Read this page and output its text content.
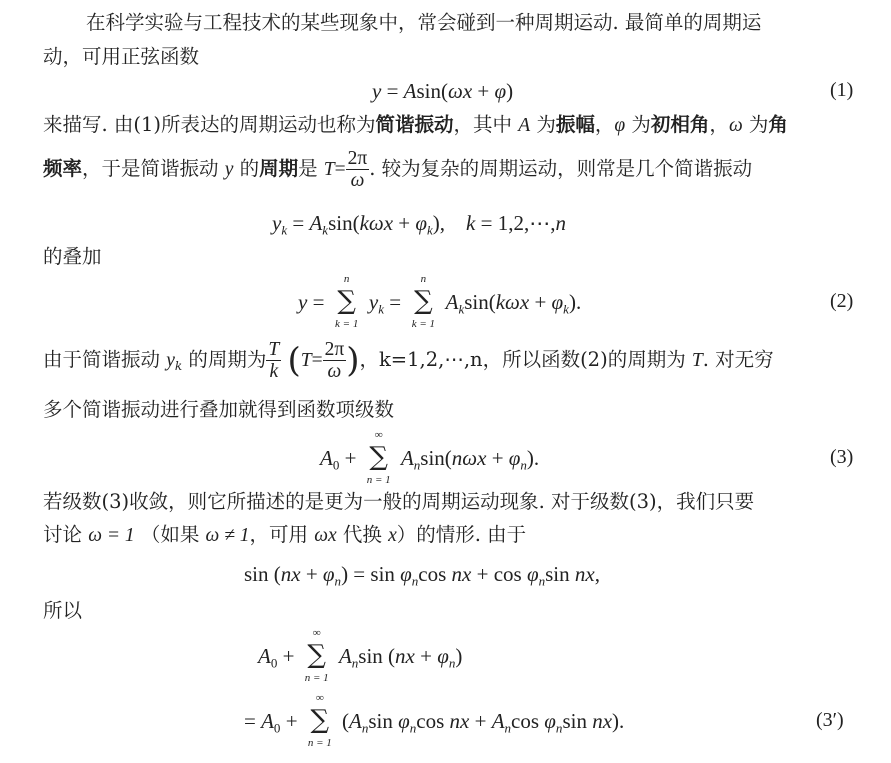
在科学实验与工程技术的某些现象中，常会碰到一种周期运动. 最简单的周期运
动，可用正弦函数
y = Asin(ωx + φ)	(1)
来描写. 由(1)所表达的周期运动也称为简谐振动，其中 A 为振幅，φ 为初相角，ω 为角
频率，于是简谐振动 y 的周期是 $T= \frac{2\pi}{\omega}$ . 较为复杂的周期运动，则常是几个简谐振动
$y_k = A_k\sin(k\omega x + \varphi_k)$,    k = 1,2,⋯,n
的叠加
y =
n
∑
k = 1
$y_k$ =
n
∑
k = 1
$A_k\sin(k\omega x + \varphi_k)$.	(2)
由于简谐振动 $y_k$ 的周期为 $\frac{T}{k} (T= \frac{2\pi}{\omega}$ )，k=1,2,⋯,n，所以函数(2)的周期为 T. 对无穷
多个简谐振动进行叠加就得到函数项级数
$A_0$ +
∞
∑
n = 1
$A_n\sin(n\omega x + \varphi_n)$.	(3)
若级数(3)收敛，则它所描述的是更为一般的周期运动现象. 对于级数(3)，我们只要
讨论 ω = 1 （如果 ω ≠ 1，可用 ωx 代换 x）的情形. 由于
$\sin (nx + \varphi_n) = \sin \varphi_n\cos$ nx + $\cos \varphi_n\sin$ nx,
所以
$A_0$ +
∞
∑
n = 1
$A_n\sin$ $(nx + \varphi_n)$
= $A_0$ +
∞
∑
n = 1
($A_n\sin$ $\varphi_n\cos$ nx + $A_n\cos$ $\varphi_n\sin$ nx).	(3′)
